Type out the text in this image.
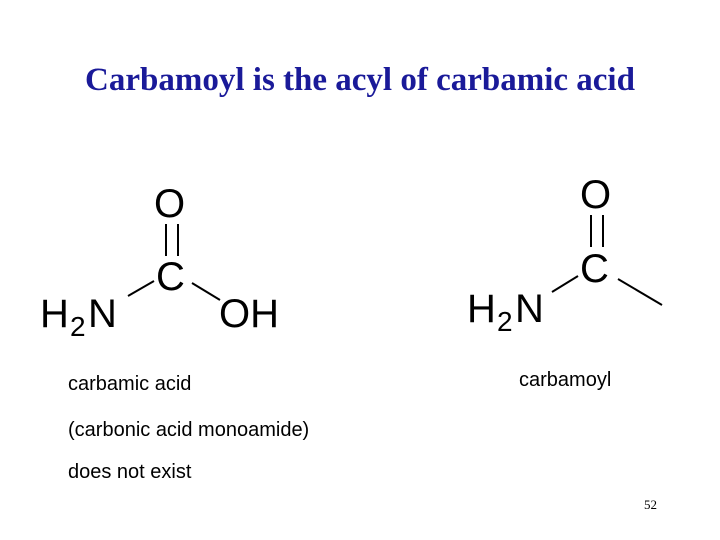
Carbamoyl is the acyl of carbamic acid
O
C
H 2 N	OH
O
C
H 2 N
carbamic acid	carbamoyl
(carbonic acid monoamide)
does not exist
52
